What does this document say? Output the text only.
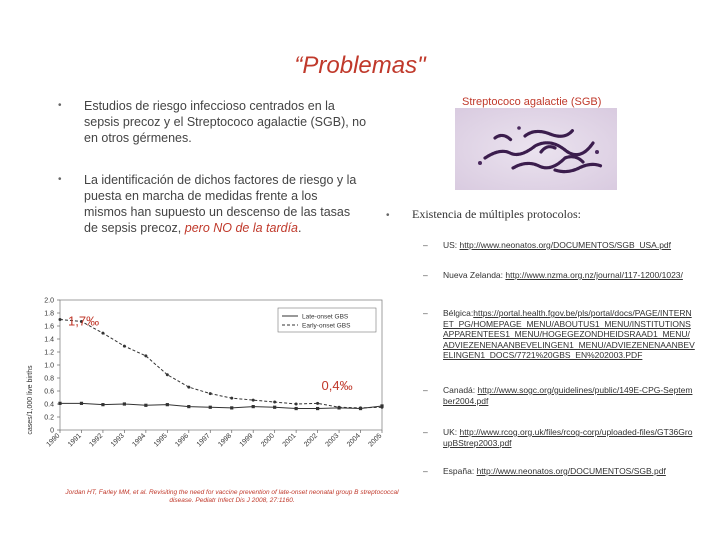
“Problemas"
• Estudios de riesgo infeccioso centrados en la sepsis precoz y el Streptococo agalactie (SGB), no en otros gérmenes.
• La identificación de dichos factores de riesgo y la puesta en marcha de medidas frente a los mismos han supuesto un descenso de las tasas de sepsis precoz, pero NO de la tardía.
Streptococo agalactie (SGB)
cases/1,000 live births 0
0.2
0.4
0.6
0.8
1.0
1.2
1.4
1.6
1.8
2.0
1990 1991 1992 1993 1994 1995 1996 1997 1998 1999 2000 2001 2002 2003 2004 2005
Late-onset GBS
Early-onset GBS
1,7‰
0,4‰
Jordan HT, Farley MM, et al. Revisiting the need for vaccine prevention of late-onset neonatal group B streptococcal disease. Pediatr Infect Dis J 2008, 27:1160.
• Existencia de múltiples protocolos:
– US: http://www.neonatos.org/DOCUMENTOS/SGB_USA.pdf
– Nueva Zelanda: http://www.nzma.org.nz/journal/117-1200/1023/
– Bélgica:https://portal.health.fgov.be/pls/portal/docs/PAGE/INTERNET_PG/HOMEPAGE_MENU/ABOUTUS1_MENU/INSTITUTIONSAPPARENTEES1_MENU/HOGEGEZONDHEIDSRAAD1_MENU/ADVIEZENENAANBEVELINGEN1_MENU/ADVIEZENENAANBEVELINGEN1_DOCS/7721%20GBS_EN%202003.PDF
– Canadá: http://www.sogc.org/guidelines/public/149E-CPG-September2004.pdf
– UK: http://www.rcog.org.uk/files/rcog-corp/uploaded-files/GT36GroupBStrep2003.pdf
– España: http://www.neonatos.org/DOCUMENTOS/SGB.pdf
